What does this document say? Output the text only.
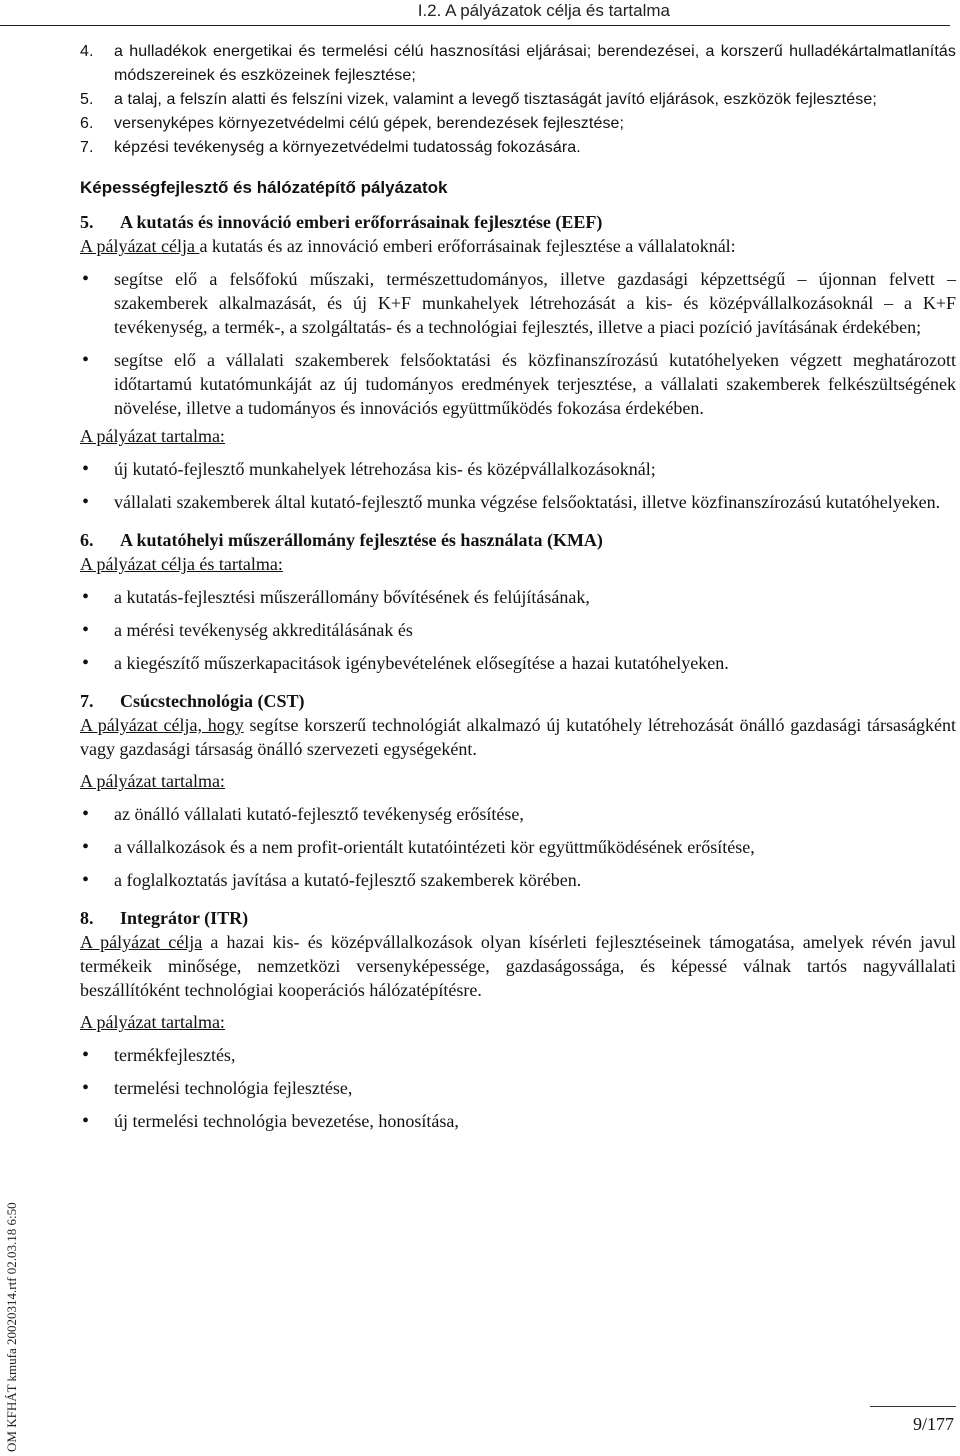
I.2. A pályázatok célja és tartalma
4.	a hulladékok energetikai és termelési célú hasznosítási eljárásai; berendezései, a korszerű hulladékártalmatlanítás módszereinek és eszközeinek fejlesztése;
5.	a talaj, a felszín alatti és felszíni vizek, valamint a levegő tisztaságát javító eljárások, eszközök fejlesztése;
6.	versenyképes környezetvédelmi célú gépek, berendezések fejlesztése;
7.	képzési tevékenység a környezetvédelmi tudatosság fokozására.
Képességfejlesztő és hálózatépítő pályázatok
5.	A kutatás és innováció emberi erőforrásainak fejlesztése (EEF)
A pályázat célja a kutatás és az innováció emberi erőforrásainak fejlesztése a vállalatoknál:
• segítse elő a felsőfokú műszaki, természettudományos, illetve gazdasági képzettségű – újonnan felvett – szakemberek alkalmazását, és új K+F munkahelyek létrehozását a kis- és középvállalkozásoknál – a K+F tevékenység, a termék-, a szolgáltatás- és a technológiai fejlesztés, illetve a piaci pozíció javításának érdekében;
• segítse elő a vállalati szakemberek felsőoktatási és közfinanszírozású kutatóhelyeken végzett meghatározott időtartamú kutatómunkáját az új tudományos eredmények terjesztése, a vállalati szakemberek felkészültségének növelése, illetve a tudományos és innovációs együttműködés fokozása érdekében.
A pályázat tartalma:
• új kutató-fejlesztő munkahelyek létrehozása kis- és középvállalkozásoknál;
• vállalati szakemberek által kutató-fejlesztő munka végzése felsőoktatási, illetve közfinanszírozású kutatóhelyeken.
6.	A kutatóhelyi műszerállomány fejlesztése és használata (KMA)
A pályázat célja és tartalma:
• a kutatás-fejlesztési műszerállomány bővítésének és felújításának,
• a mérési tevékenység akkreditálásának és
• a kiegészítő műszerkapacitások igénybevételének elősegítése a hazai kutatóhelyeken.
7.	Csúcstechnológia (CST)
A pályázat célja, hogy segítse korszerű technológiát alkalmazó új kutatóhely létrehozását önálló gazdasági társaságként vagy gazdasági társaság önálló szervezeti egységeként.
A pályázat tartalma:
• az önálló vállalati kutató-fejlesztő tevékenység erősítése,
• a vállalkozások és a nem profit-orientált kutatóintézeti kör együttműködésének erősítése,
• a foglalkoztatás javítása a kutató-fejlesztő szakemberek körében.
8.	Integrátor (ITR)
A pályázat célja a hazai kis- és középvállalkozások olyan kísérleti fejlesztéseinek támogatása, amelyek révén javul termékeik minősége, nemzetközi versenyképessége, gazdaságossága, és képessé válnak tartós nagyvállalati beszállítóként technológiai kooperációs hálózatépítésre.
A pályázat tartalma:
• termékfejlesztés,
• termelési technológia fejlesztése,
• új termelési technológia bevezetése, honosítása,
OM KFHÁT kmufa 20020314.rtf 02.03.18 6:50	9/177
